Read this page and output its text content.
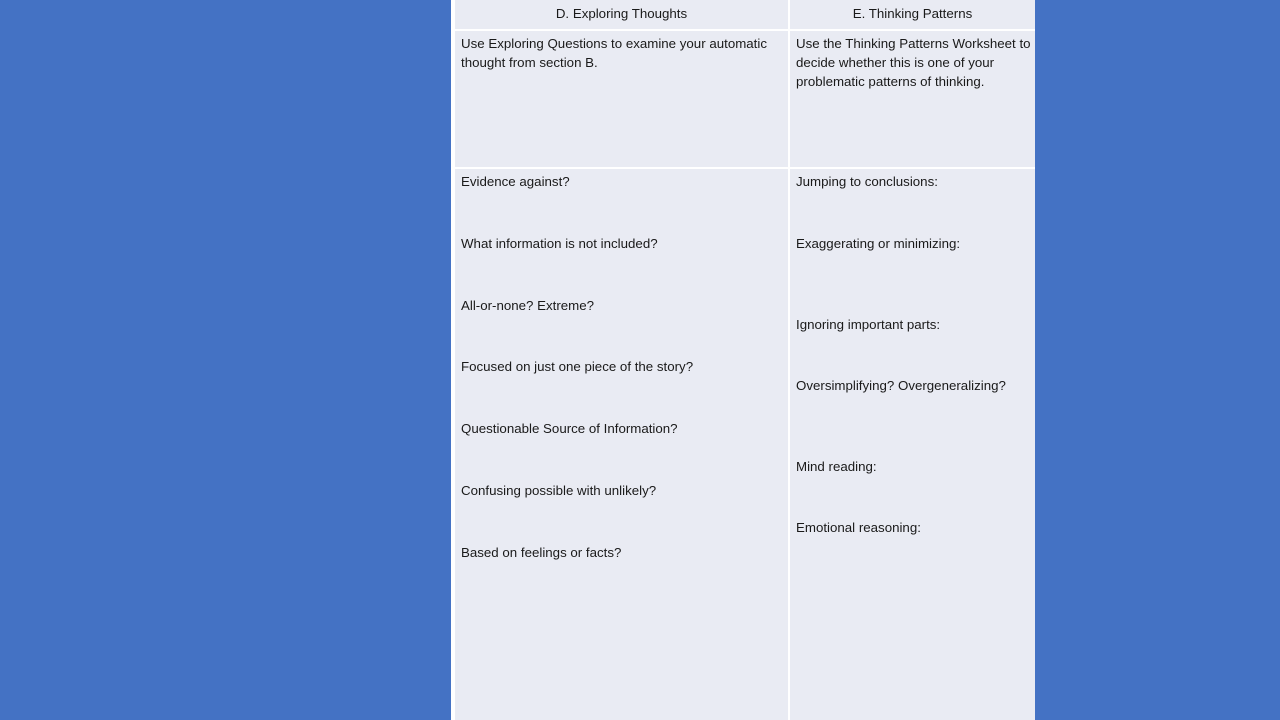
D. Exploring Thoughts	E. Thinking Patterns
Use Exploring Questions to examine your automatic thought from section B.
Use the Thinking Patterns Worksheet to decide whether this is one of your problematic patterns of thinking.
Evidence against?
What information is not included?
All-or-none? Extreme?
Focused on just one piece of the story?
Questionable Source of Information?
Confusing possible with unlikely?
Based on feelings or facts?
Jumping to conclusions:
Exaggerating or minimizing:
Ignoring important parts:
Oversimplifying? Overgeneralizing?
Mind reading:
Emotional reasoning:
